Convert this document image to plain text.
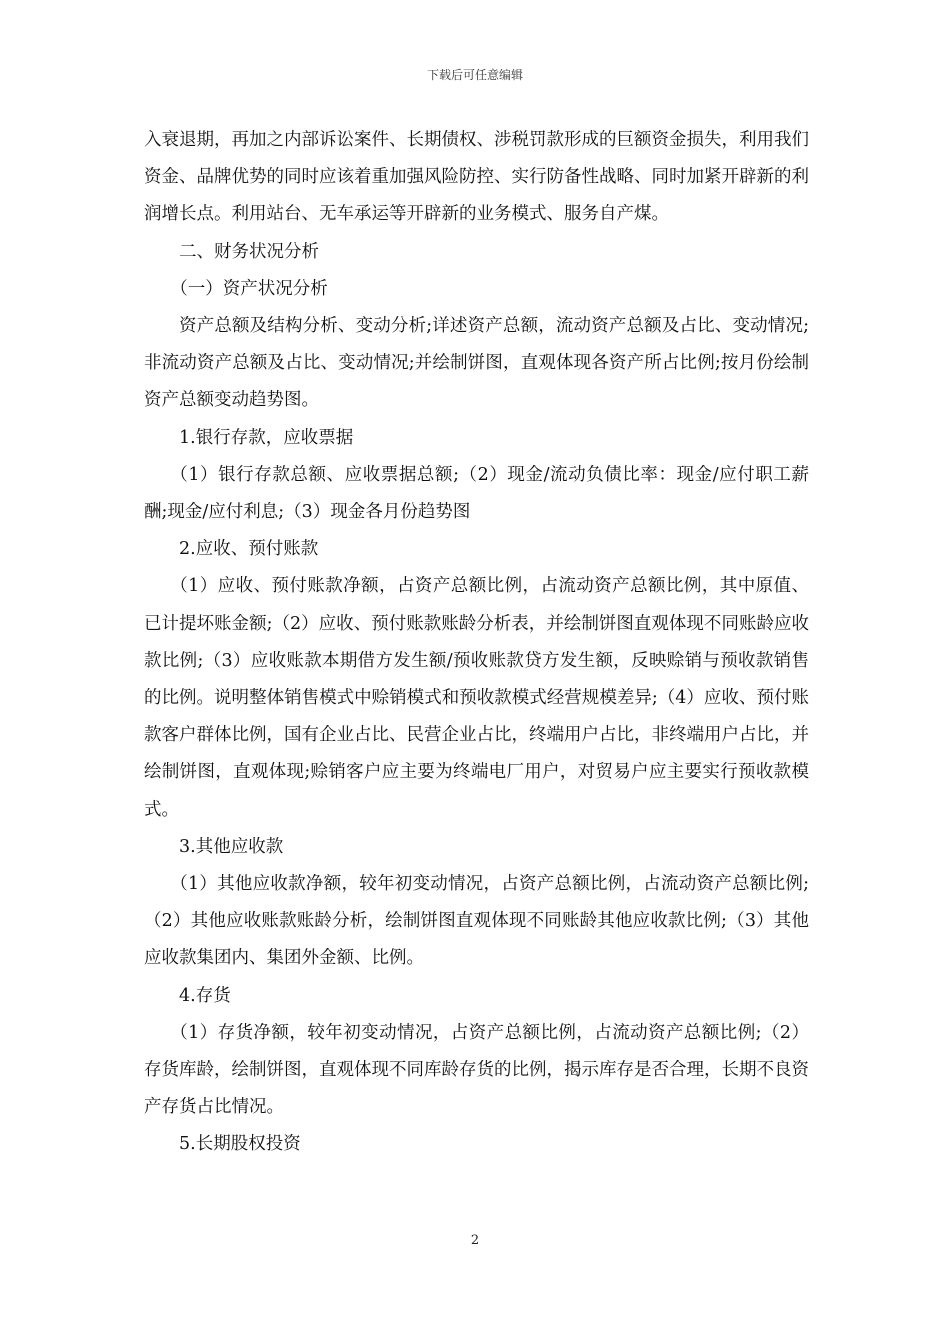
下载后可任意编辑

入衰退期，再加之内部诉讼案件、长期债权、涉税罚款形成的巨额资金损失，利用我们资金、品牌优势的同时应该着重加强风险防控、实行防备性战略、同时加紧开辟新的利润增长点。利用站台、无车承运等开辟新的业务模式、服务自产煤。

二、财务状况分析

（一）资产状况分析

资产总额及结构分析、变动分析;详述资产总额，流动资产总额及占比、变动情况;非流动资产总额及占比、变动情况;并绘制饼图，直观体现各资产所占比例;按月份绘制资产总额变动趋势图。

1.银行存款，应收票据

（1）银行存款总额、应收票据总额;（2）现金/流动负债比率：现金/应付职工薪酬;现金/应付利息;（3）现金各月份趋势图

2.应收、预付账款

（1）应收、预付账款净额，占资产总额比例，占流动资产总额比例，其中原值、已计提坏账金额;（2）应收、预付账款账龄分析表，并绘制饼图直观体现不同账龄应收款比例;（3）应收账款本期借方发生额/预收账款贷方发生额，反映赊销与预收款销售的比例。说明整体销售模式中赊销模式和预收款模式经营规模差异;（4）应收、预付账款客户群体比例，国有企业占比、民营企业占比，终端用户占比，非终端用户占比，并绘制饼图，直观体现;赊销客户应主要为终端电厂用户，对贸易户应主要实行预收款模式。

3.其他应收款

（1）其他应收款净额，较年初变动情况，占资产总额比例，占流动资产总额比例;（2）其他应收账款账龄分析，绘制饼图直观体现不同账龄其他应收款比例;（3）其他应收款集团内、集团外金额、比例。

4.存货

（1）存货净额，较年初变动情况，占资产总额比例，占流动资产总额比例;（2）存货库龄，绘制饼图，直观体现不同库龄存货的比例，揭示库存是否合理，长期不良资产存货占比情况。

5.长期股权投资

2
